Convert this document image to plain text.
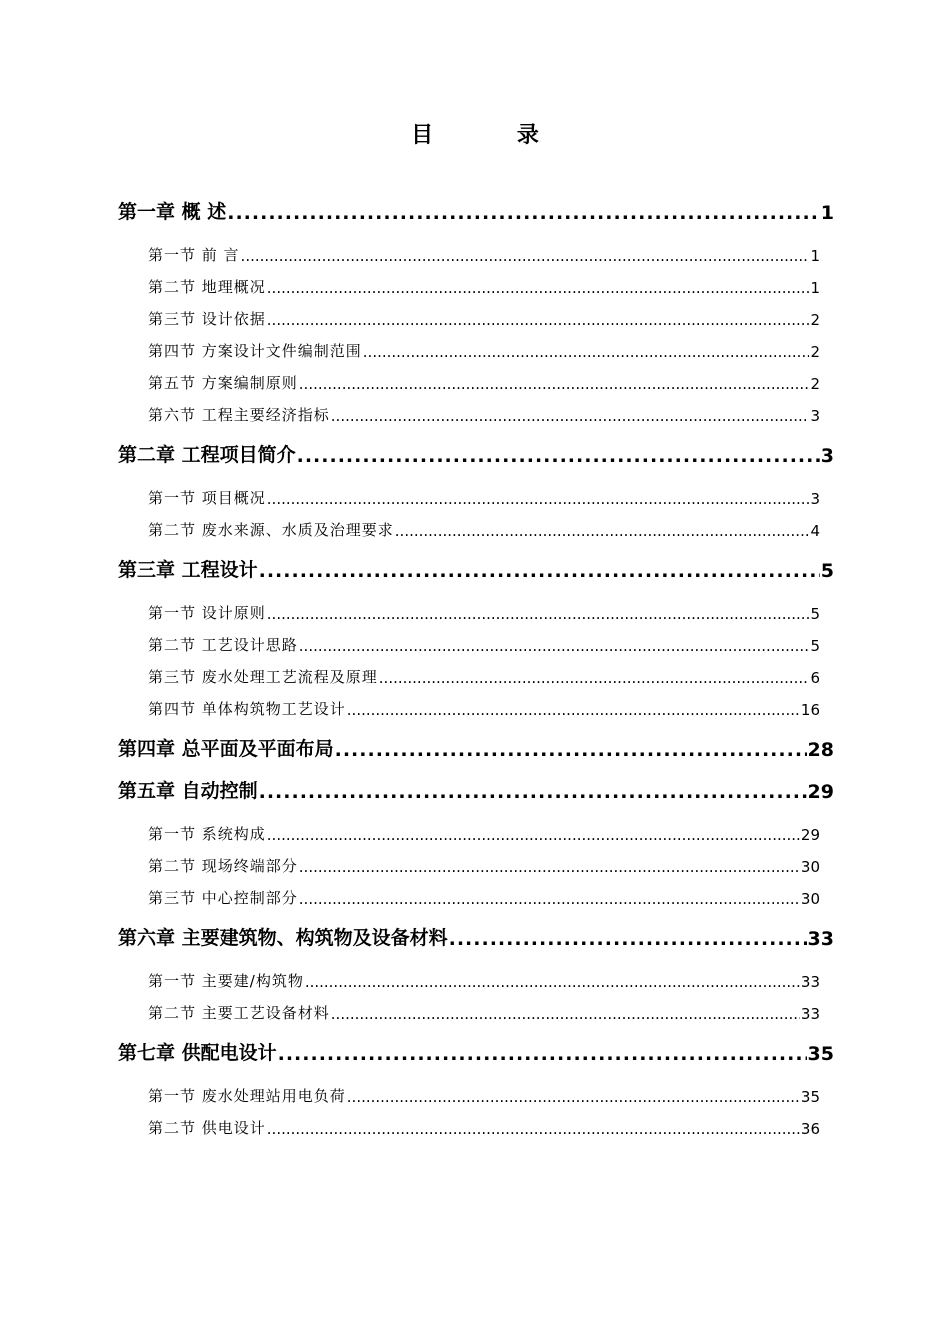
目 录
第一章 概 述 .....	1
第一节 前 言 .....	1
第二节 地理概况 .....	1
第三节 设计依据 .....	2
第四节 方案设计文件编制范围 .....	2
第五节 方案编制原则 .....	2
第六节 工程主要经济指标 .....	3
第二章 工程项目简介 .....	3
第一节 项目概况 .....	3
第二节 废水来源、水质及治理要求 .....	4
第三章 工程设计 .....	5
第一节 设计原则 .....	5
第二节 工艺设计思路 .....	5
第三节 废水处理工艺流程及原理 .....	6
第四节 单体构筑物工艺设计 .....	16
第四章 总平面及平面布局 .....	28
第五章 自动控制 .....	29
第一节 系统构成 .....	29
第二节 现场终端部分 .....	30
第三节 中心控制部分 .....	30
第六章 主要建筑物、构筑物及设备材料 .....	33
第一节 主要建/构筑物 .....	33
第二节 主要工艺设备材料 .....	33
第七章 供配电设计 .....	35
第一节 废水处理站用电负荷 .....	35
第二节 供电设计 .....	36
